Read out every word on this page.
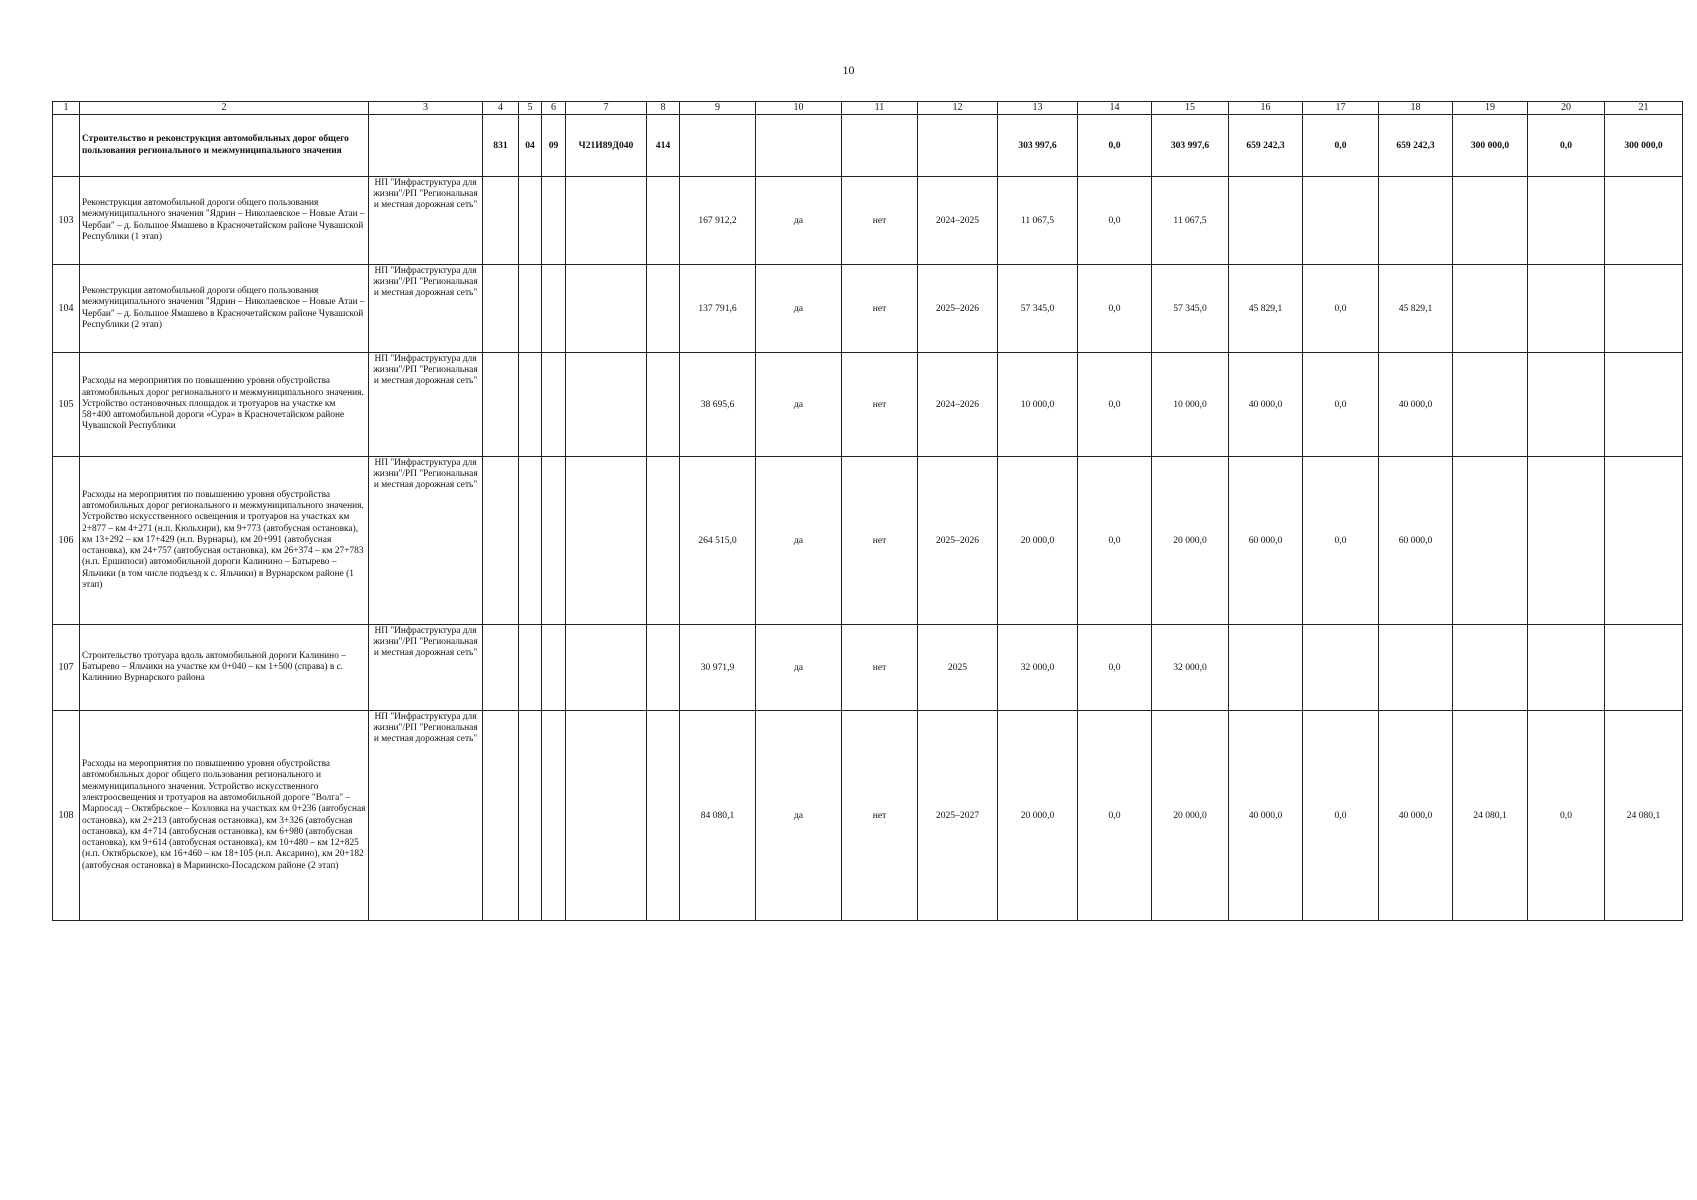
10
1	2	3	4	5	6	7	8	9	10	11	12	13	14	15	16	17	18	19	20	21
	Строительство и реконструкция автомобильных дорог общего пользования регионального и межмуниципального значения		831	04	09	Ч21И89Д040	414					303 997,6	0,0	303 997,6	659 242,3	0,0	659 242,3	300 000,0	0,0	300 000,0
103	Реконструкция автомобильной дороги общего пользования межмуниципального значения "Ядрин – Николаевское – Новые Атаи – Чербаи" – д. Большое Ямашево в Красночетайском районе Чувашской Республики (1 этап)	НП "Инфраструктура для жизни"/РП "Региональная и местная дорожная сеть"						167 912,2	да	нет	2024–2025	11 067,5	0,0	11 067,5						
104	Реконструкция автомобильной дороги общего пользования межмуниципального значения "Ядрин – Николаевское – Новые Атаи – Чербаи" – д. Большое Ямашево в Красночетайском районе Чувашской Республики (2 этап)	НП "Инфраструктура для жизни"/РП "Региональная и местная дорожная сеть"						137 791,6	да	нет	2025–2026	57 345,0	0,0	57 345,0	45 829,1	0,0	45 829,1			
105	Расходы на мероприятия по повышению уровня обустройства автомобильных дорог регионального и межмуниципального значения. Устройство остановочных площадок и тротуаров на участке км 58+400 автомобильной дороги «Сура» в Красночетайском районе Чувашской Республики	НП "Инфраструктура для жизни"/РП "Региональная и местная дорожная сеть"						38 695,6	да	нет	2024–2026	10 000,0	0,0	10 000,0	40 000,0	0,0	40 000,0			
106	Расходы на мероприятия по повышению уровня обустройства автомобильных дорог регионального и межмуниципального значения. Устройство искусственного освещения и тротуаров на участках км 2+877 – км 4+271 (н.п. Кюльхири), км 9+773 (автобусная остановка), км 13+292 – км 17+429 (н.п. Вурнары), км 20+991 (автобусная остановка), км 24+757 (автобусная остановка), км 26+374 – км 27+783 (н.п. Ершипоси) автомобильной дороги Калинино – Батырево – Яльчики (в том числе подъезд к с. Яльчики) в Вурнарском районе (1 этап)	НП "Инфраструктура для жизни"/РП "Региональная и местная дорожная сеть"						264 515,0	да	нет	2025–2026	20 000,0	0,0	20 000,0	60 000,0	0,0	60 000,0			
107	Строительство тротуара вдоль автомобильной дороги Калинино – Батырево – Яльчики на участке км 0+040 – км 1+500 (справа) в с. Калинино Вурнарского района	НП "Инфраструктура для жизни"/РП "Региональная и местная дорожная сеть"						30 971,9	да	нет	2025	32 000,0	0,0	32 000,0						
108	Расходы на мероприятия по повышению уровня обустройства автомобильных дорог общего пользования регионального и межмуниципального значения. Устройство искусственного электроосвещения и тротуаров на автомобильной дороге "Волга" – Марпосад – Октябрьское – Козловка на участках км 0+236 (автобусная остановка), км 2+213 (автобусная остановка), км 3+326 (автобусная остановка), км 4+714 (автобусная остановка), км 6+980 (автобусная остановка), км 9+614 (автобусная остановка), км 10+480 – км 12+825 (н.п. Октябрьское), км 16+460 – км 18+105 (н.п. Аксарино), км 20+182 (автобусная остановка) в Мариинско-Посадском районе (2 этап)	НП "Инфраструктура для жизни"/РП "Региональная и местная дорожная сеть"						84 080,1	да	нет	2025–2027	20 000,0	0,0	20 000,0	40 000,0	0,0	40 000,0	24 080,1	0,0	24 080,1
